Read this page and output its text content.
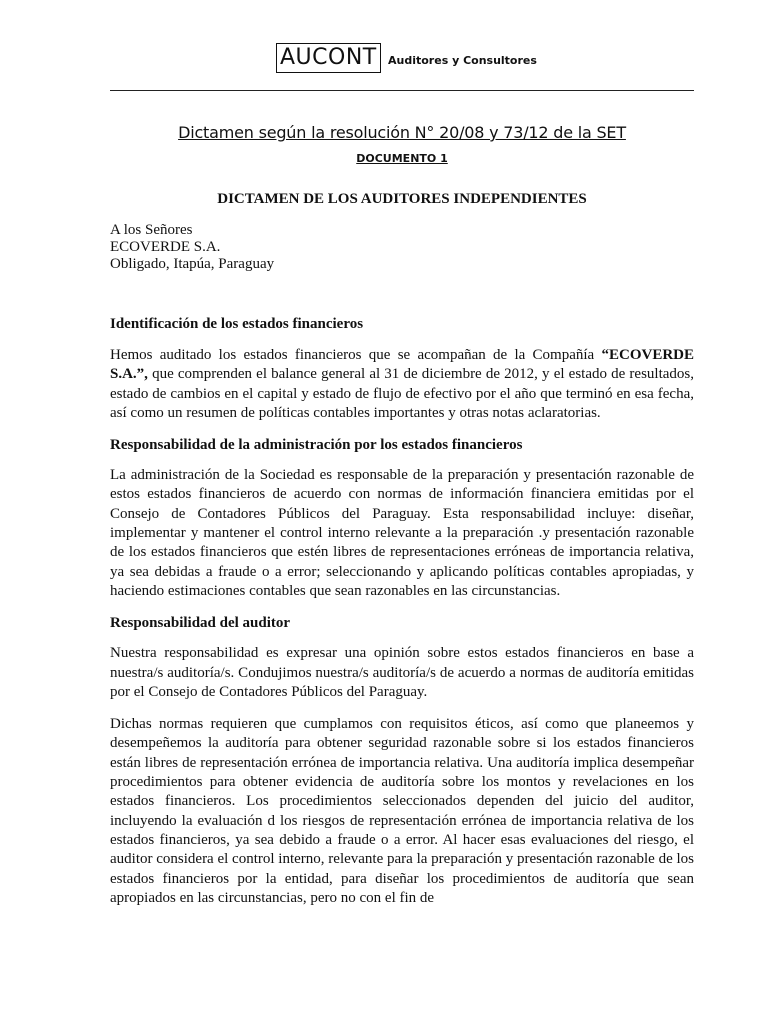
AUCONT	Auditores y Consultores
Dictamen según la resolución N° 20/08 y 73/12 de la SET
DOCUMENTO 1
DICTAMEN DE LOS AUDITORES INDEPENDIENTES
A los Señores
ECOVERDE S.A.
Obligado, Itapúa, Paraguay
Identificación de los estados financieros

Hemos auditado los estados financieros que se acompañan de la Compañía “ECOVERDE S.A.”, que comprenden el balance general al 31 de diciembre de 2012, y el estado de resultados, estado de cambios en el capital y estado de flujo de efectivo por el año que terminó en esa fecha, así como un resumen de políticas contables importantes y otras notas aclaratorias.

Responsabilidad de la administración por los estados financieros

La administración de la Sociedad es responsable de la preparación y presentación razonable de estos estados financieros de acuerdo con normas de información financiera emitidas por el Consejo de Contadores Públicos del Paraguay. Esta responsabilidad incluye: diseñar, implementar y mantener el control interno relevante a la preparación .y presentación razonable de los estados financieros que estén libres de representaciones erróneas de importancia relativa, ya sea debidas a fraude o a error; seleccionando y aplicando políticas contables apropiadas, y haciendo estimaciones contables que sean razonables en las circunstancias.

Responsabilidad del auditor

Nuestra responsabilidad es expresar una opinión sobre estos estados financieros en base a nuestra/s auditoría/s. Condujimos nuestra/s auditoría/s de acuerdo a normas de auditoría emitidas por el Consejo de Contadores Públicos del Paraguay.

Dichas normas requieren que cumplamos con requisitos éticos, así como que planeemos y desempeñemos la auditoría para obtener seguridad razonable sobre si los estados financieros están libres de representación errónea de importancia relativa. Una auditoría implica desempeñar procedimientos para obtener evidencia de auditoría sobre los montos y revelaciones en los estados financieros. Los procedimientos seleccionados dependen del juicio del auditor, incluyendo la evaluación d los riesgos de representación errónea de importancia relativa de los estados financieros, ya sea debido a fraude o a error. Al hacer esas evaluaciones del riesgo, el auditor considera el control interno, relevante para la preparación y presentación razonable de los estados financieros por la entidad, para diseñar los procedimientos de auditoría que sean apropiados en las circunstancias, pero no con el fin de
